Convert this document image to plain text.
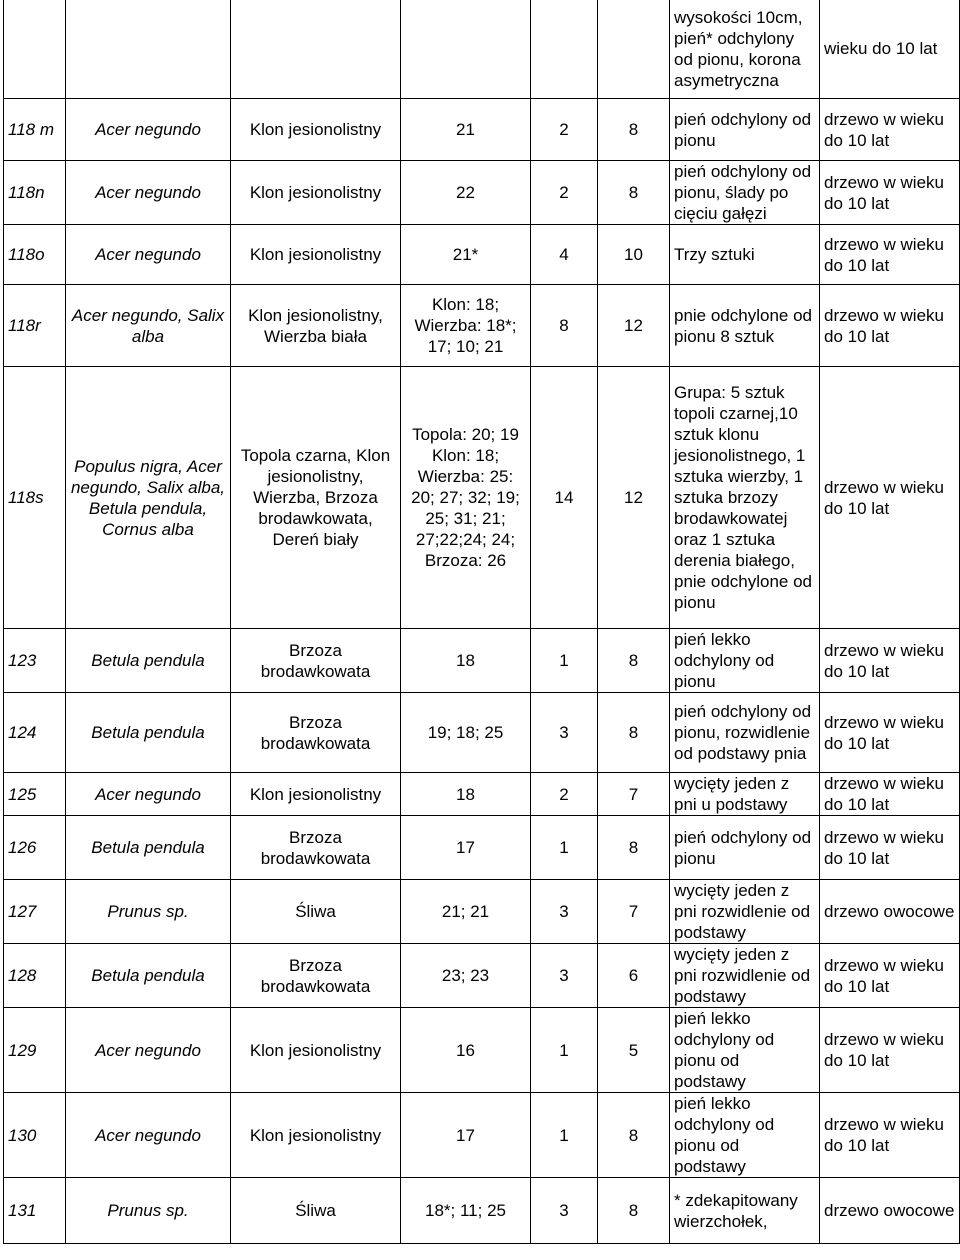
						wysokości 10cm, pień* odchylony od pionu, korona asymetryczna	wieku do 10 lat
118 m	Acer negundo	Klon jesionolistny	21	2	8	pień odchylony od pionu	drzewo w wieku do 10 lat
118n	Acer negundo	Klon jesionolistny	22	2	8	pień odchylony od pionu, ślady po cięciu gałęzi	drzewo w wieku do 10 lat
118o	Acer negundo	Klon jesionolistny	21*	4	10	Trzy sztuki	drzewo w wieku do 10 lat
118r	Acer negundo, Salix alba	Klon jesionolistny, Wierzba biała	Klon: 18; Wierzba: 18*; 17; 10; 21	8	12	pnie odchylone od pionu 8 sztuk	drzewo w wieku do 10 lat
118s	Populus nigra, Acer negundo, Salix alba, Betula pendula, Cornus alba	Topola czarna, Klon jesionolistny, Wierzba, Brzoza brodawkowata, Dereń biały	Topola: 20; 19 Klon: 18; Wierzba: 25: 20; 27; 32; 19; 25; 31; 21; 27;22;24; 24; Brzoza: 26	14	12	Grupa: 5 sztuk topoli czarnej,10 sztuk klonu jesionolistnego, 1 sztuka wierzby, 1 sztuka brzozy brodawkowatej oraz 1 sztuka derenia białego, pnie odchylone od pionu	drzewo w wieku do 10 lat
123	Betula pendula	Brzoza brodawkowata	18	1	8	pień lekko odchylony od pionu	drzewo w wieku do 10 lat
124	Betula pendula	Brzoza brodawkowata	19; 18; 25	3	8	pień odchylony od pionu, rozwidlenie od podstawy pnia	drzewo w wieku do 10 lat
125	Acer negundo	Klon jesionolistny	18	2	7	wycięty jeden z pni u podstawy	drzewo w wieku do 10 lat
126	Betula pendula	Brzoza brodawkowata	17	1	8	pień odchylony od pionu	drzewo w wieku do 10 lat
127	Prunus sp.	Śliwa	21; 21	3	7	wycięty jeden z pni rozwidlenie od podstawy	drzewo owocowe
128	Betula pendula	Brzoza brodawkowata	23; 23	3	6	wycięty jeden z pni rozwidlenie od podstawy	drzewo w wieku do 10 lat
129	Acer negundo	Klon jesionolistny	16	1	5	pień lekko odchylony od pionu od podstawy	drzewo w wieku do 10 lat
130	Acer negundo	Klon jesionolistny	17	1	8	pień lekko odchylony od pionu od podstawy	drzewo w wieku do 10 lat
131	Prunus sp.	Śliwa	18*; 11; 25	3	8	* zdekapitowany wierzchołek,	drzewo owocowe
